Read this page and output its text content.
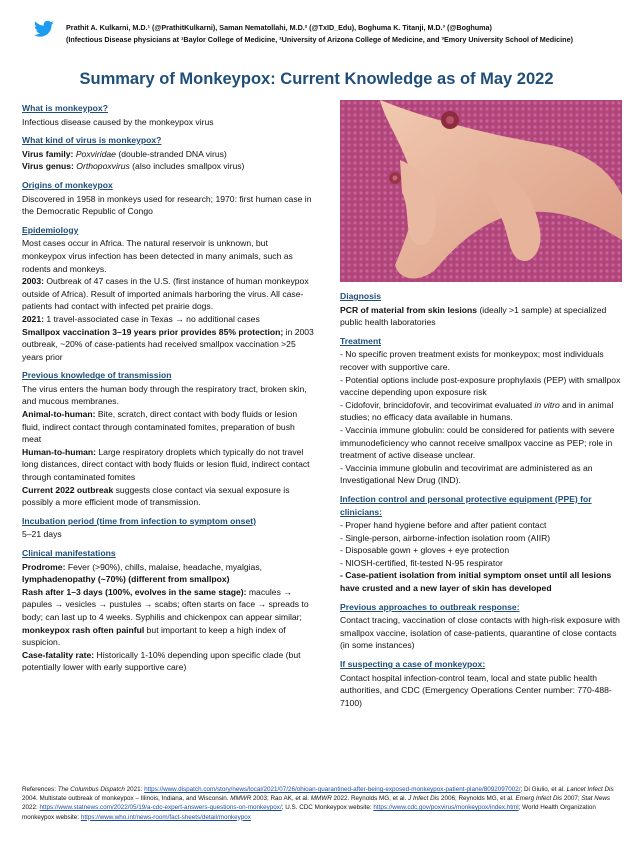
Prathit A. Kulkarni, M.D.¹ (@PrathitKulkarni), Saman Nematollahi, M.D.² (@TxID_Edu), Boghuma K. Titanji, M.D.³ (@Boghuma)
(Infectious Disease physicians at ¹Baylor College of Medicine, ²University of Arizona College of Medicine, and ³Emory University School of Medicine)
Summary of Monkeypox: Current Knowledge as of May 2022
What is monkeypox?
Infectious disease caused by the monkeypox virus
What kind of virus is monkeypox?
Virus family: Poxviridae (double-stranded DNA virus)
Virus genus: Orthopoxvirus (also includes smallpox virus)
Origins of monkeypox
Discovered in 1958 in monkeys used for research; 1970: first human case in the Democratic Republic of Congo
Epidemiology
Most cases occur in Africa. The natural reservoir is unknown, but monkeypox virus infection has been detected in many animals, such as rodents and monkeys.
2003: Outbreak of 47 cases in the U.S. (first instance of human monkeypox outside of Africa). Result of imported animals harboring the virus. All case-patients had contact with infected pet prairie dogs.
2021: 1 travel-associated case in Texas → no additional cases
Smallpox vaccination 3–19 years prior provides 85% protection; in 2003 outbreak, ~20% of case-patients had received smallpox vaccination >25 years prior
Previous knowledge of transmission
The virus enters the human body through the respiratory tract, broken skin, and mucous membranes.
Animal-to-human: Bite, scratch, direct contact with body fluids or lesion fluid, indirect contact through contaminated fomites, preparation of bush meat
Human-to-human: Large respiratory droplets which typically do not travel long distances, direct contact with body fluids or lesion fluid, indirect contact through contaminated fomites
Current 2022 outbreak suggests close contact via sexual exposure is possibly a more efficient mode of transmission.
Incubation period (time from infection to symptom onset)
5–21 days
Clinical manifestations
Prodrome: Fever (>90%), chills, malaise, headache, myalgias, lymphadenopathy (~70%) (different from smallpox)
Rash after 1–3 days (100%, evolves in the same stage): macules → papules → vesicles → pustules → scabs; often starts on face → spreads to body; can last up to 4 weeks. Syphilis and chickenpox can appear similar; monkeypox rash often painful but important to keep a high index of suspicion.
Case-fatality rate: Historically 1-10% depending upon specific clade (but potentially lower with early supportive care)
Diagnosis
PCR of material from skin lesions (ideally >1 sample) at specialized public health laboratories
Treatment
- No specific proven treatment exists for monkeypox; most individuals recover with supportive care.
- Potential options include post-exposure prophylaxis (PEP) with smallpox vaccine depending upon exposure risk
- Cidofovir, brincidofovir, and tecovirimat evaluated in vitro and in animal studies; no efficacy data available in humans.
- Vaccinia immune globulin: could be considered for patients with severe immunodeficiency who cannot receive smallpox vaccine as PEP; role in treatment of active disease unclear.
- Vaccinia immune globulin and tecovirimat are administered as an Investigational New Drug (IND).
Infection control and personal protective equipment (PPE) for clinicians:
- Proper hand hygiene before and after patient contact
- Single-person, airborne-infection isolation room (AIIR)
- Disposable gown + gloves + eye protection
- NIOSH-certified, fit-tested N-95 respirator
- Case-patient isolation from initial symptom onset until all lesions have crusted and a new layer of skin has developed
Previous approaches to outbreak response:
Contact tracing, vaccination of close contacts with high-risk exposure with smallpox vaccine, isolation of case-patients, quarantine of close contacts (in some instances)
If suspecting a case of monkeypox:
Contact hospital infection-control team, local and state public health authorities, and CDC (Emergency Operations Center number: 770-488-7100)
References: The Columbus Dispatch 2021: https://www.dispatch.com/story/news/local/2021/07/26/ohioan-quarantined-after-being-exposed-monkeypox-patient-plane/8092097002/; Di Giulio, et al. Lancet Infect Dis 2004. Multistate outbreak of monkeypox – Illinois, Indiana, and Wisconsin. MMWR 2003; Rao AK, et al. MMWR 2022. Reynolds MG, et al. J Infect Dis 2006; Reynolds MG, et al. Emerg Infect Dis 2007; Stat News 2022: https://www.statnews.com/2022/05/19/a-cdc-expert-answers-questions-on-monkeypox/; U.S. CDC Monkeypox website: https://www.cdc.gov/poxvirus/monkeypox/index.html; World Health Organization monkeypox website: https://www.who.int/news-room/fact-sheets/detail/monkeypox
